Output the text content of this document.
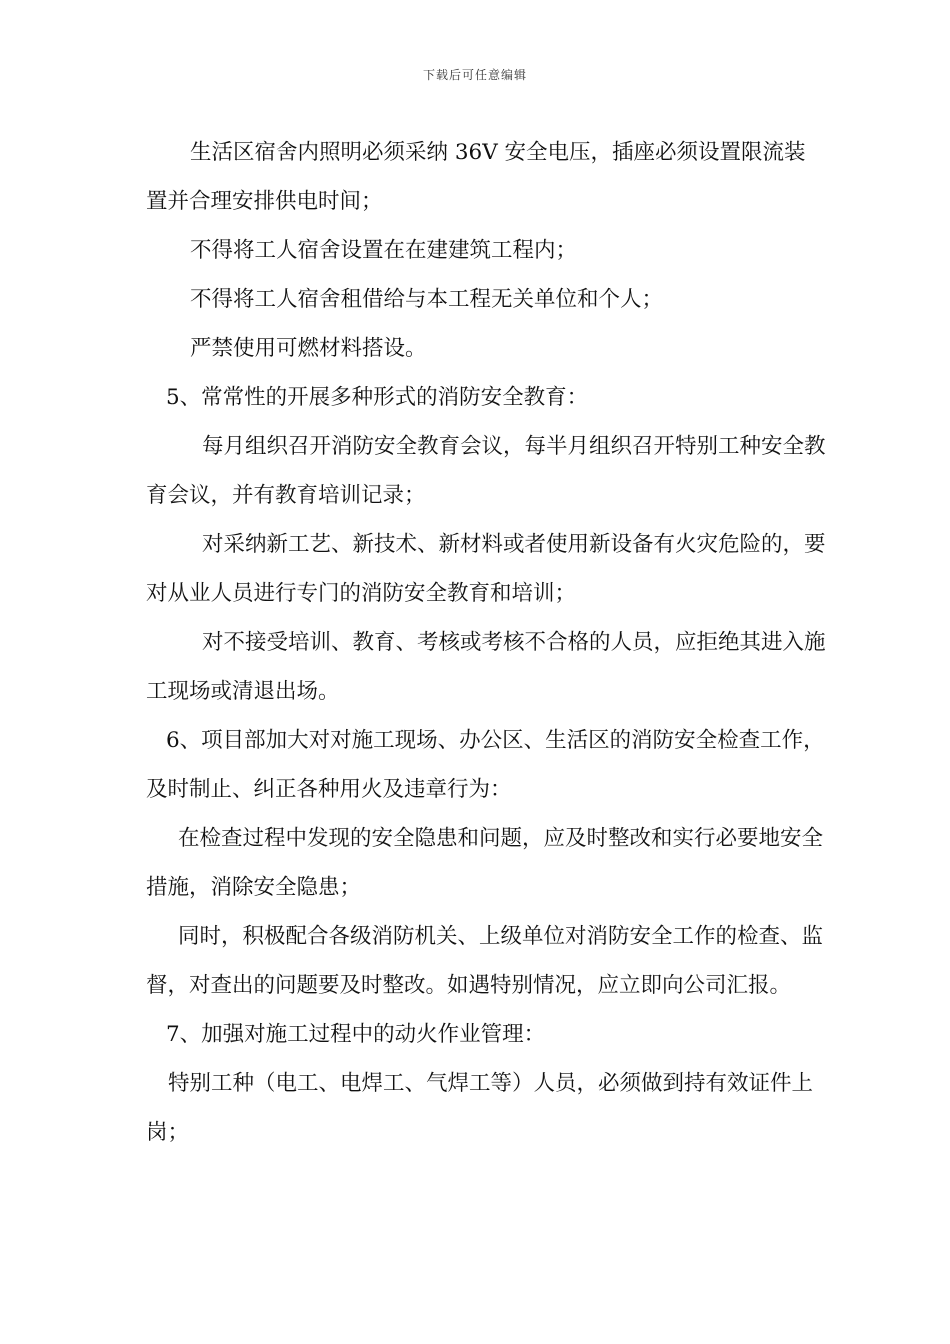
下载后可任意编辑

生活区宿舍内照明必须采纳 36V 安全电压，插座必须设置限流装置并合理安排供电时间；

不得将工人宿舍设置在在建建筑工程内；

不得将工人宿舍租借给与本工程无关单位和个人；

严禁使用可燃材料搭设。

5、常常性的开展多种形式的消防安全教育：

每月组织召开消防安全教育会议，每半月组织召开特别工种安全教育会议，并有教育培训记录；

对采纳新工艺、新技术、新材料或者使用新设备有火灾危险的，要对从业人员进行专门的消防安全教育和培训；

对不接受培训、教育、考核或考核不合格的人员，应拒绝其进入施工现场或清退出场。

6、项目部加大对对施工现场、办公区、生活区的消防安全检查工作，及时制止、纠正各种用火及违章行为：

在检查过程中发现的安全隐患和问题，应及时整改和实行必要地安全措施，消除安全隐患；

同时，积极配合各级消防机关、上级单位对消防安全工作的检查、监督，对查出的问题要及时整改。如遇特别情况，应立即向公司汇报。

7、加强对施工过程中的动火作业管理：

特别工种（电工、电焊工、气焊工等）人员，必须做到持有效证件上岗；
